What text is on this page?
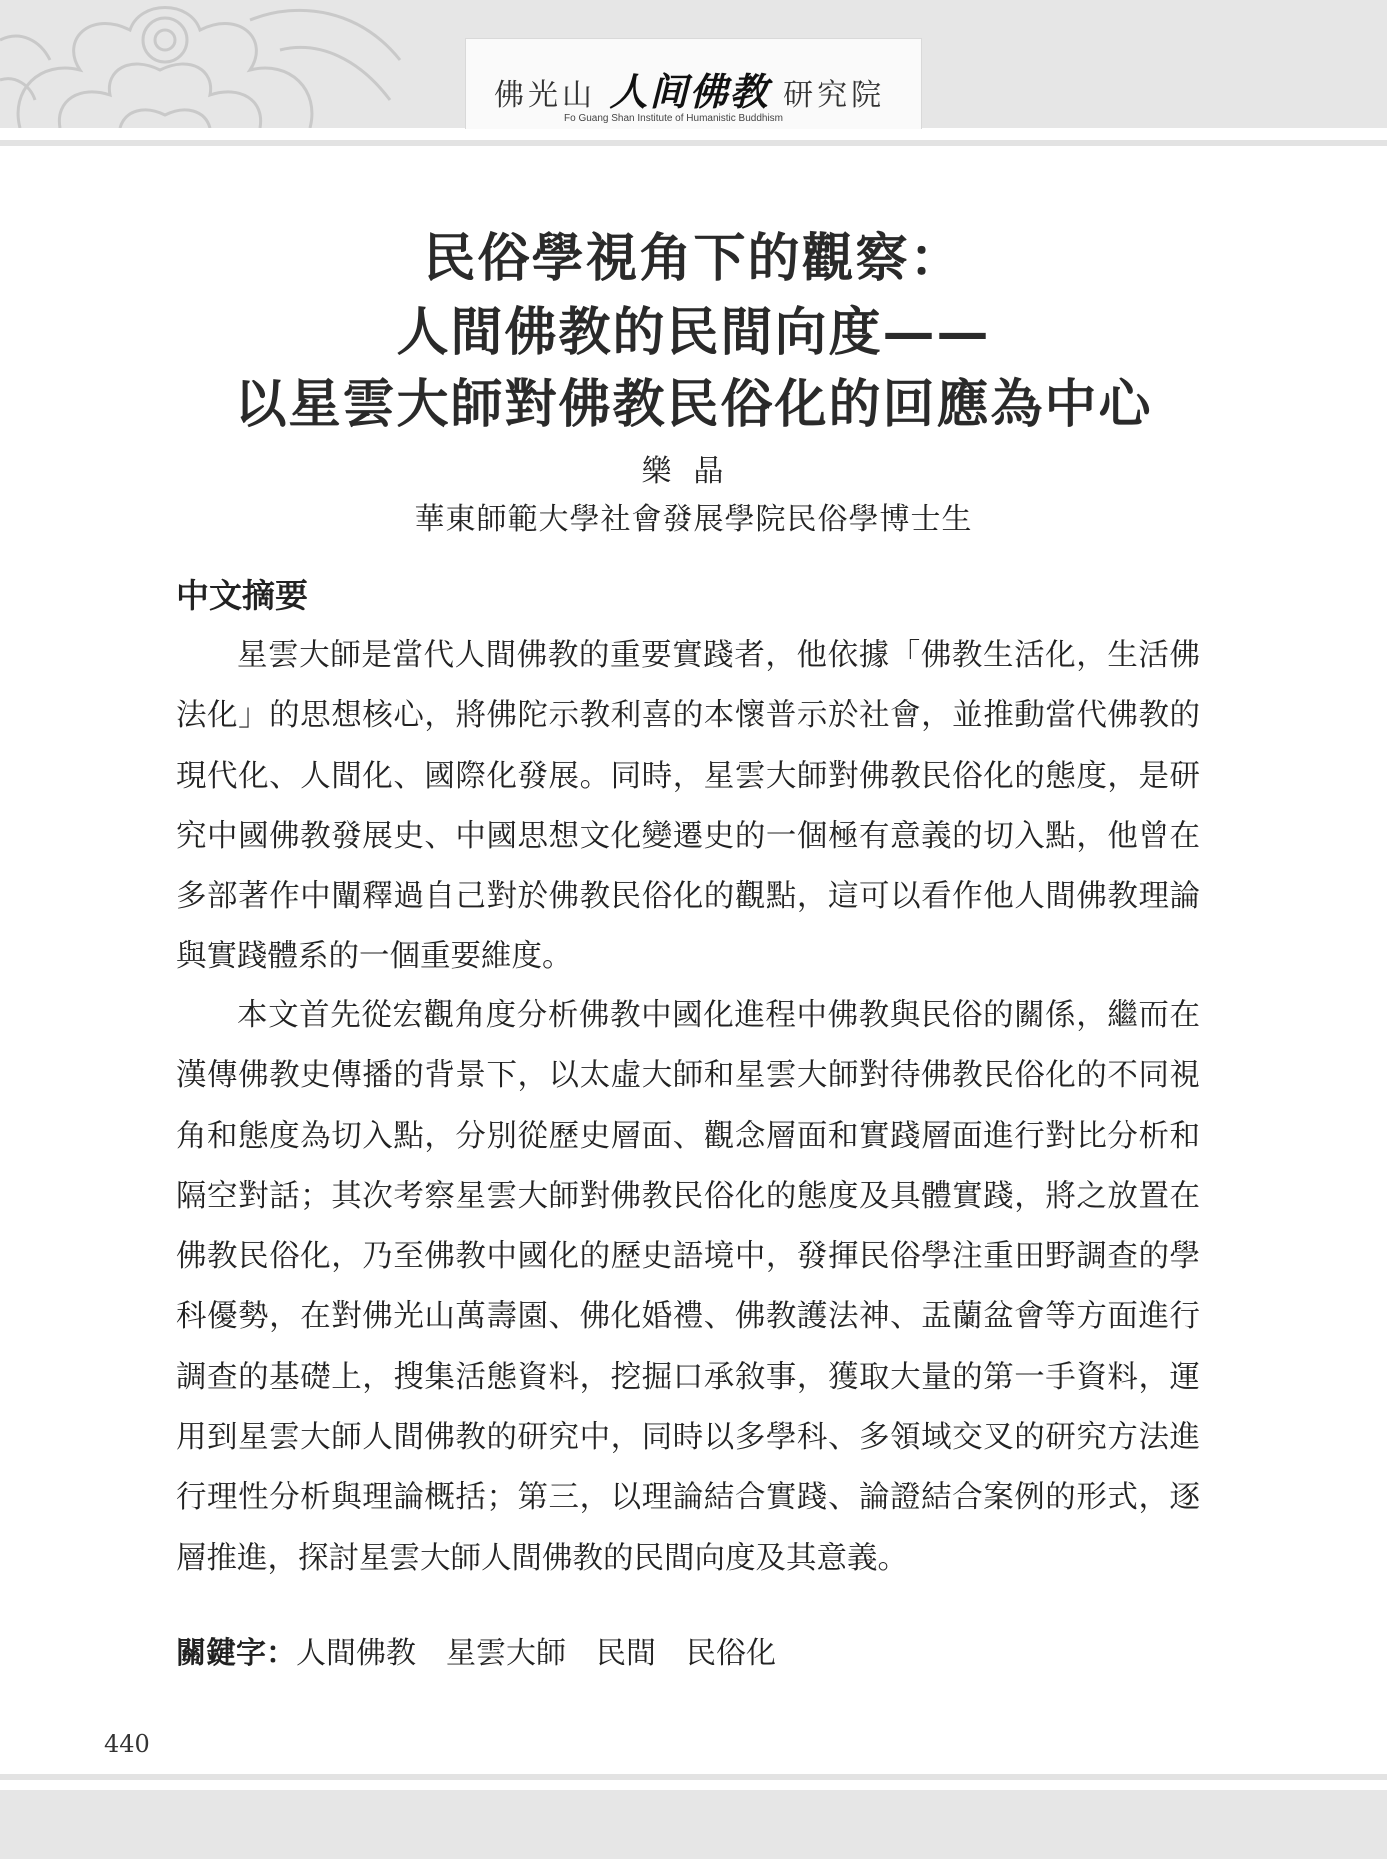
佛光山 人间佛教 研究院
Fo Guang Shan Institute of Humanistic Buddhism
民俗學視角下的觀察：
人間佛教的民間向度——
以星雲大師對佛教民俗化的回應為中心
樂晶
華東師範大學社會發展學院民俗學博士生
中文摘要

星雲大師是當代人間佛教的重要實踐者，他依據「佛教生活化，生活佛法化」的思想核心，將佛陀示教利喜的本懷普示於社會，並推動當代佛教的現代化、人間化、國際化發展。同時，星雲大師對佛教民俗化的態度，是研究中國佛教發展史、中國思想文化變遷史的一個極有意義的切入點，他曾在多部著作中闡釋過自己對於佛教民俗化的觀點，這可以看作他人間佛教理論與實踐體系的一個重要維度。

本文首先從宏觀角度分析佛教中國化進程中佛教與民俗的關係，繼而在漢傳佛教史傳播的背景下，以太虛大師和星雲大師對待佛教民俗化的不同視角和態度為切入點，分別從歷史層面、觀念層面和實踐層面進行對比分析和隔空對話；其次考察星雲大師對佛教民俗化的態度及具體實踐，將之放置在佛教民俗化，乃至佛教中國化的歷史語境中，發揮民俗學注重田野調查的學科優勢，在對佛光山萬壽園、佛化婚禮、佛教護法神、盂蘭盆會等方面進行調查的基礎上，搜集活態資料，挖掘口承敘事，獲取大量的第一手資料，運用到星雲大師人間佛教的研究中，同時以多學科、多領域交叉的研究方法進行理性分析與理論概括；第三，以理論結合實踐、論證結合案例的形式，逐層推進，探討星雲大師人間佛教的民間向度及其意義。

關鍵字：人間佛教 星雲大師 民間 民俗化
440
